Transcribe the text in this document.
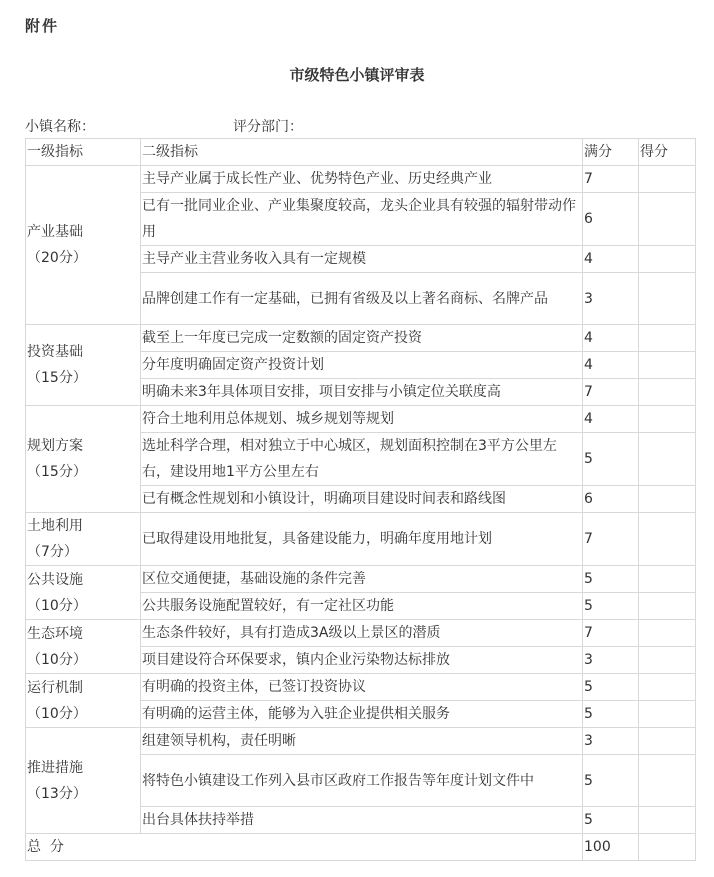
附件
市级特色小镇评审表
小镇名称：	评分部门：
一级指标	二级指标	满分	得分

产业基础
（20分）	主导产业属于成长性产业、优势特色产业、历史经典产业	7	
	已有一批同业企业、产业集聚度较高，龙头企业具有较强的辐射带动作用	6	
	主导产业主营业务收入具有一定规模	4	
	品牌创建工作有一定基础，已拥有省级及以上著名商标、名牌产品	3	

投资基础
（15分）	截至上一年度已完成一定数额的固定资产投资	4	
	分年度明确固定资产投资计划	4	
	明确未来3年具体项目安排，项目安排与小镇定位关联度高	7	

规划方案
（15分）	符合土地利用总体规划、城乡规划等规划	4	
	选址科学合理，相对独立于中心城区，规划面积控制在3平方公里左右，建设用地1平方公里左右	5	
	已有概念性规划和小镇设计，明确项目建设时间表和路线图	6	

土地利用
（7分）	已取得建设用地批复，具备建设能力，明确年度用地计划	7	

公共设施
（10分）	区位交通便捷，基础设施的条件完善	5	
	公共服务设施配置较好，有一定社区功能	5	

生态环境
（10分）	生态条件较好，具有打造成3A级以上景区的潜质	7	
	项目建设符合环保要求，镇内企业污染物达标排放	3	

运行机制
（10分）	有明确的投资主体，已签订投资协议	5	
	有明确的运营主体，能够为入驻企业提供相关服务	5	

推进措施
（13分）	组建领导机构，责任明晰	3	
	将特色小镇建设工作列入县市区政府工作报告等年度计划文件中	5	
	出台具体扶持举措	5	
总  分		100	
